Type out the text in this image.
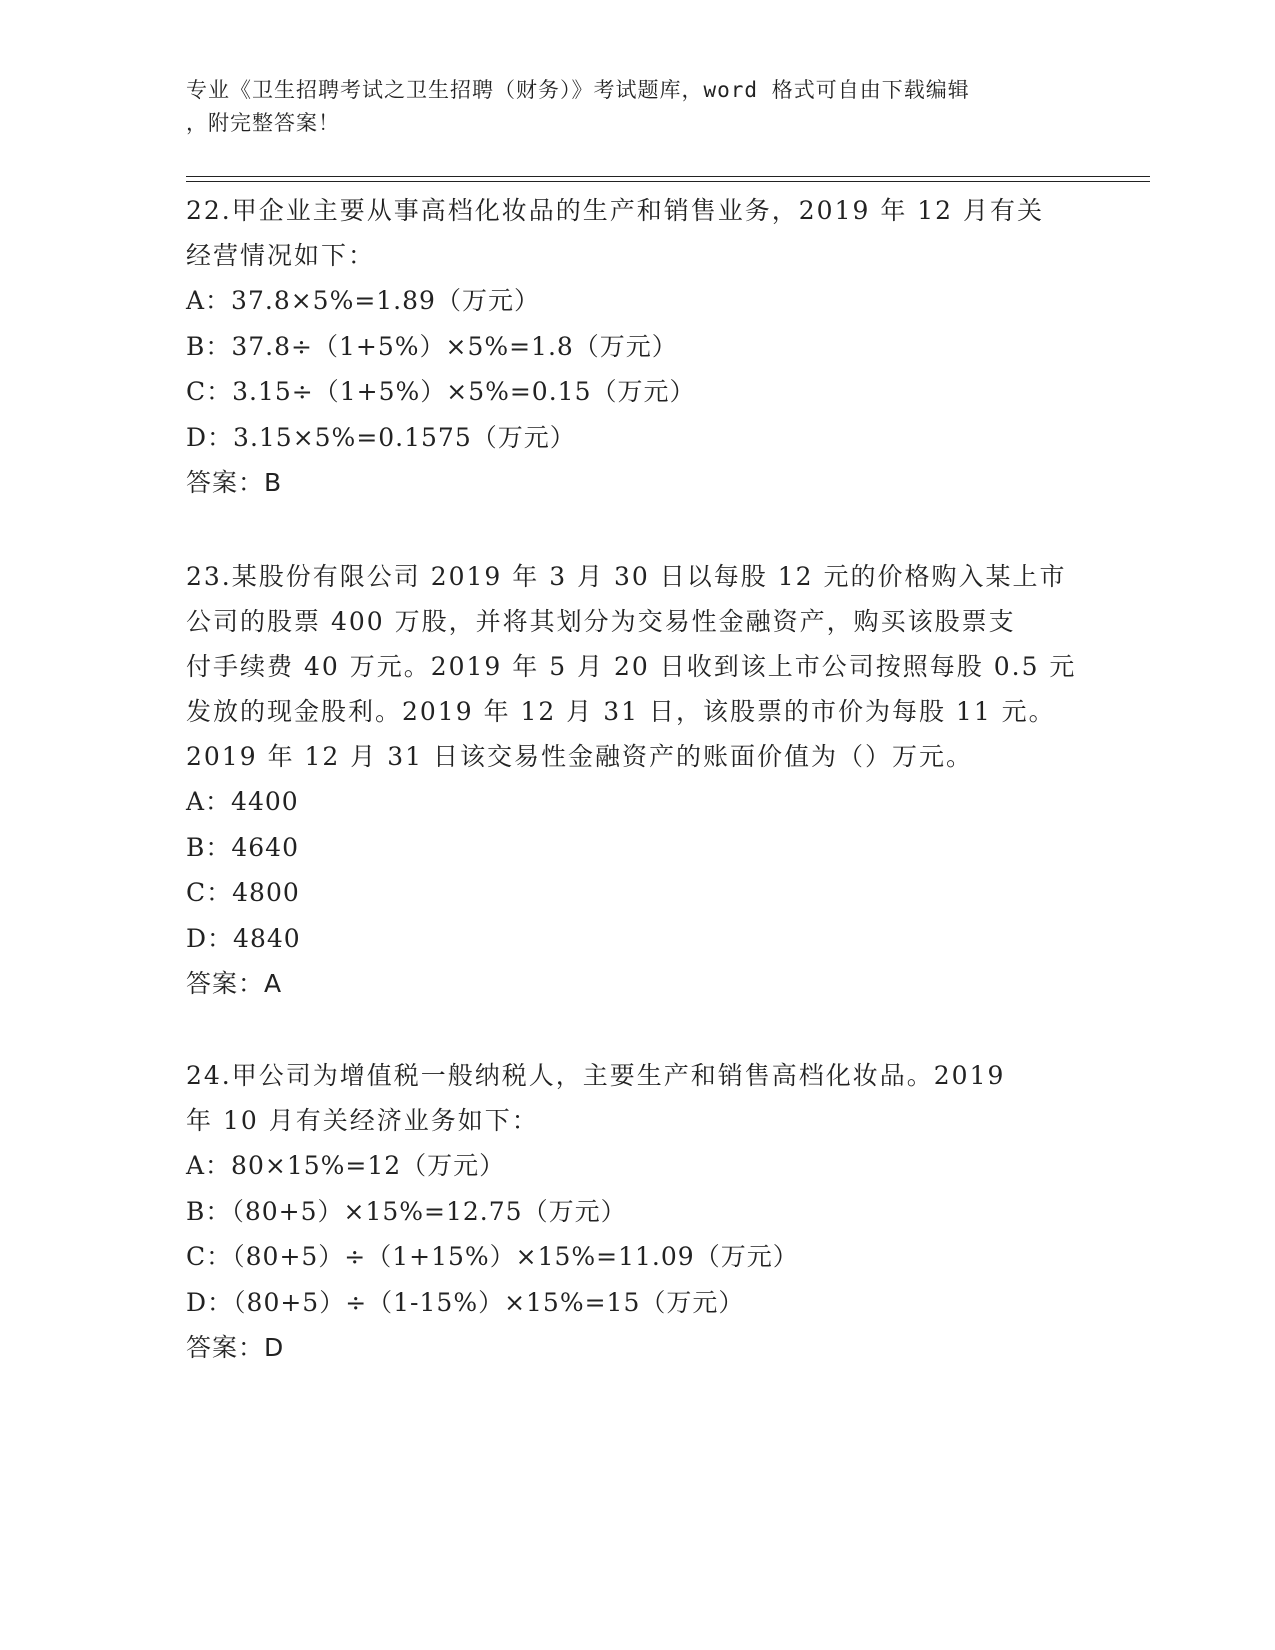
专业《卫生招聘考试之卫生招聘（财务）》考试题库，word 格式可自由下载编辑
，附完整答案！
22.甲企业主要从事高档化妆品的生产和销售业务，2019 年 12 月有关
经营情况如下：
A：37.8×5%=1.89（万元）
B：37.8÷（1+5%）×5%=1.8（万元）
C：3.15÷（1+5%）×5%=0.15（万元）
D：3.15×5%=0.1575（万元）
答案：B
23.某股份有限公司 2019 年 3 月 30 日以每股 12 元的价格购入某上市
公司的股票 400 万股，并将其划分为交易性金融资产，购买该股票支
付手续费 40 万元。2019 年 5 月 20 日收到该上市公司按照每股 0.5 元
发放的现金股利。2019 年 12 月 31 日，该股票的市价为每股 11 元。
2019 年 12 月 31 日该交易性金融资产的账面价值为（）万元。
A：4400
B：4640
C：4800
D：4840
答案：A
24.甲公司为增值税一般纳税人，主要生产和销售高档化妆品。2019
年 10 月有关经济业务如下：
A：80×15%=12（万元）
B：（80+5）×15%=12.75（万元）
C：（80+5）÷（1+15%）×15%=11.09（万元）
D：（80+5）÷（1-15%）×15%=15（万元）
答案：D
